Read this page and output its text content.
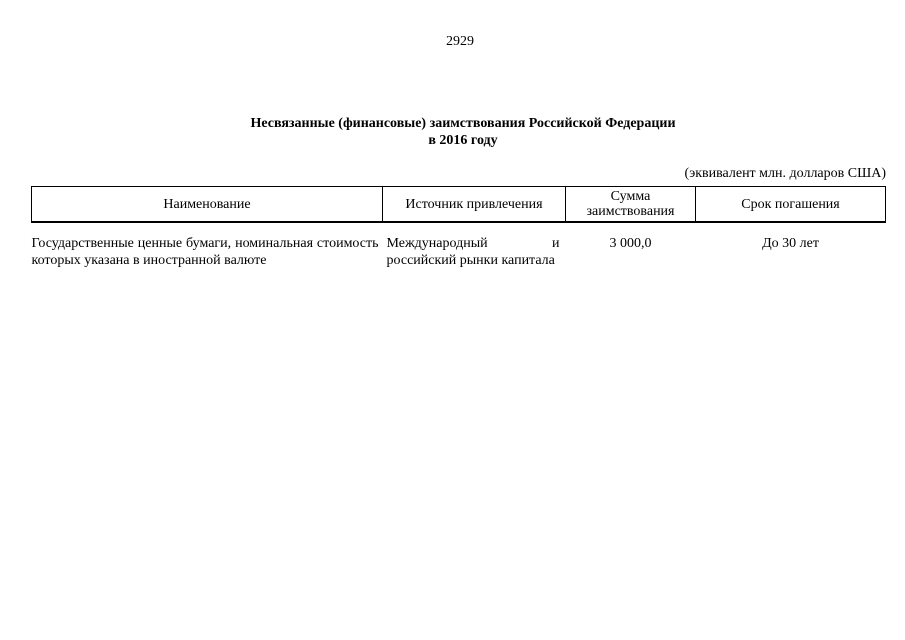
2929
Несвязанные (финансовые) заимствования Российской Федерации
в 2016 году
(эквивалент млн. долларов США)
Наименование	Источник привлечения	Сумма заимствования	Срок погашения
Государственные ценные бумаги, номинальная стоимость которых указана в иностранной валюте	Международный и российский рынки капитала	3 000,0	До 30 лет
